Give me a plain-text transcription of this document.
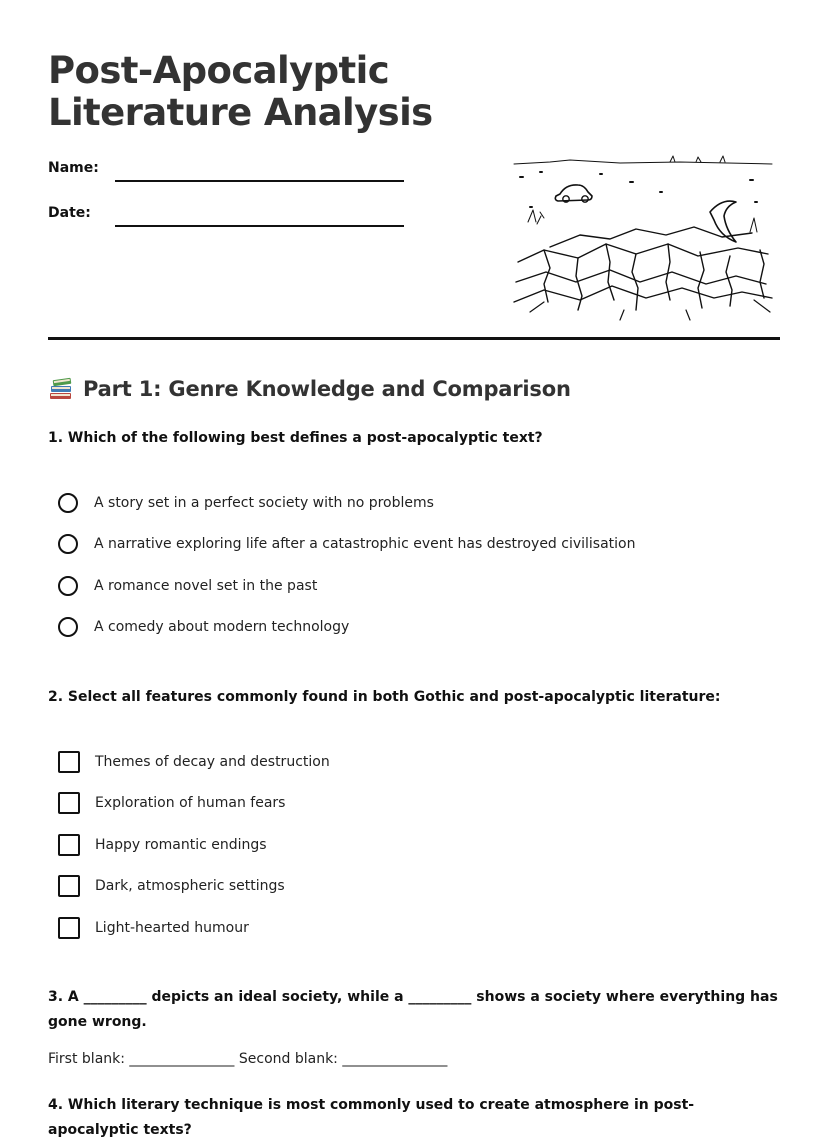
Post-Apocalyptic
Literature Analysis
Name:
Date:
Part 1: Genre Knowledge and Comparison
1. Which of the following best defines a post-apocalyptic text?
A story set in a perfect society with no problems
A narrative exploring life after a catastrophic event has destroyed civilisation
A romance novel set in the past
A comedy about modern technology
2. Select all features commonly found in both Gothic and post-apocalyptic literature:
Themes of decay and destruction
Exploration of human fears
Happy romantic endings
Dark, atmospheric settings
Light-hearted humour
3. A _________ depicts an ideal society, while a _________ shows a society where everything has gone wrong.
First blank: _______________ Second blank: _______________
4. Which literary technique is most commonly used to create atmosphere in post-apocalyptic texts?
